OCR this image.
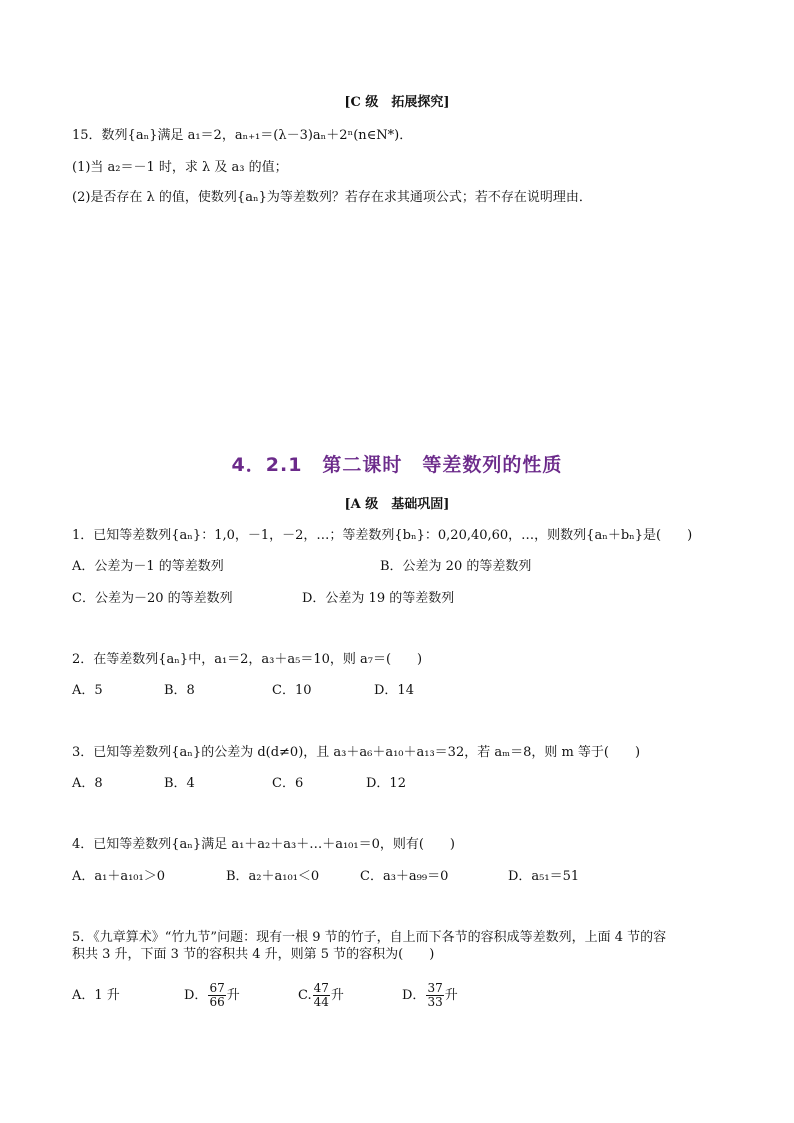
[C 级　拓展探究]
15．数列{aₙ}满足 a₁＝2，aₙ₊₁＝(λ－3)aₙ＋2ⁿ(n∈N*)．
(1)当 a₂＝－1 时，求 λ 及 a₃ 的值；
(2)是否存在 λ 的值，使数列{aₙ}为等差数列？若存在求其通项公式；若不存在说明理由．
4．2.1　第二课时　等差数列的性质
[A 级　基础巩固]
1．已知等差数列{aₙ}：1,0，－1，－2，…；等差数列{bₙ}：0,20,40,60，…，则数列{aₙ＋bₙ}是(　　)
A．公差为－1 的等差数列	B．公差为 20 的等差数列
C．公差为－20 的等差数列	D．公差为 19 的等差数列
2．在等差数列{aₙ}中，a₁＝2，a₃＋a₅＝10，则 a₇＝(　　)
A．5	B．8	C．10	D．14
3．已知等差数列{aₙ}的公差为 d(d≠0)，且 a₃＋a₆＋a₁₀＋a₁₃＝32，若 aₘ＝8，则 m 等于(　　)
A．8	B．4	C．6	D．12
4．已知等差数列{aₙ}满足 a₁＋a₂＋a₃＋…＋a₁₀₁＝0，则有(　　)
A．a₁＋a₁₀₁＞0	B．a₂＋a₁₀₁＜0	C．a₃＋a₉₉＝0	D．a₅₁＝51
5．《九章算术》“竹九节”问题：现有一根 9 节的竹子，自上而下各节的容积成等差数列，上面 4 节的容
积共 3 升，下面 3 节的容积共 4 升，则第 5 节的容积为(　　)
A．1 升	D． $\frac{67}{66}$ 升	C. $\frac{47}{44}$ 升	D． $\frac{37}{33}$ 升
